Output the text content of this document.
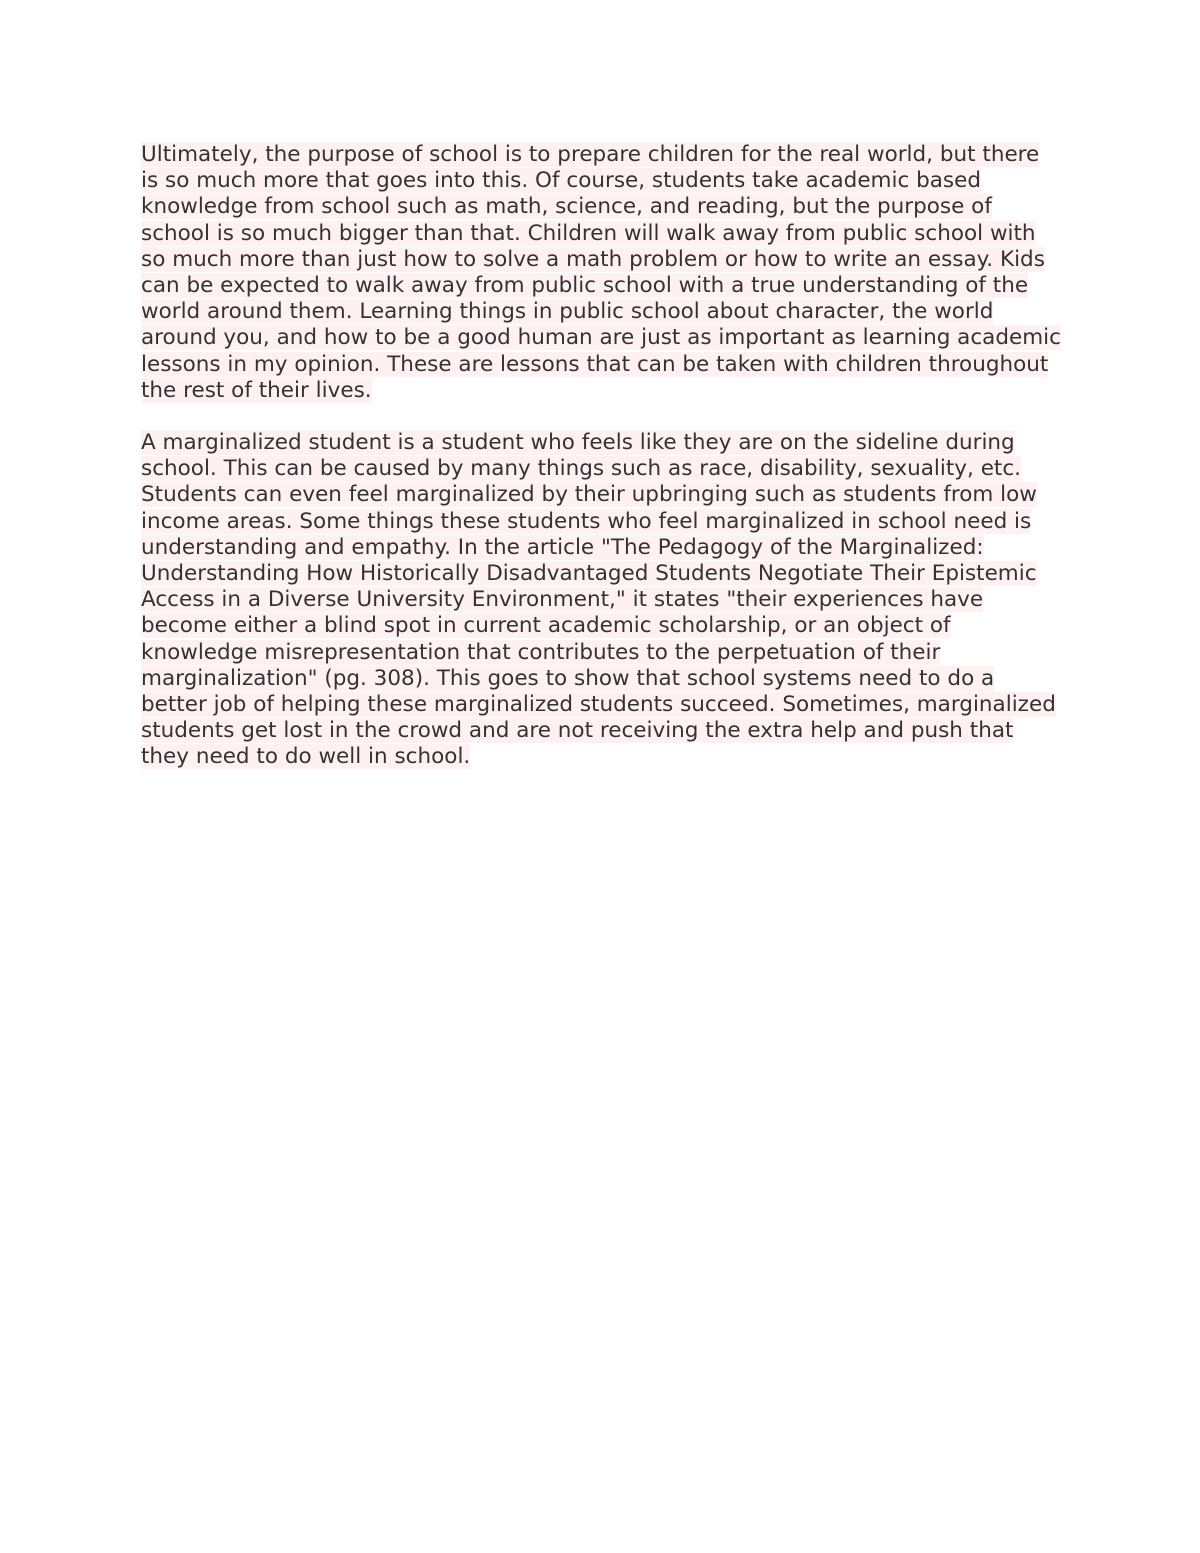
Ultimately, the purpose of school is to prepare children for the real world, but there is so much more that goes into this. Of course, students take academic based knowledge from school such as math, science, and reading, but the purpose of school is so much bigger than that. Children will walk away from public school with so much more than just how to solve a math problem or how to write an essay. Kids can be expected to walk away from public school with a true understanding of the world around them. Learning things in public school about character, the world around you, and how to be a good human are just as important as learning academic lessons in my opinion. These are lessons that can be taken with children throughout the rest of their lives.

A marginalized student is a student who feels like they are on the sideline during school. This can be caused by many things such as race, disability, sexuality, etc. Students can even feel marginalized by their upbringing such as students from low income areas. Some things these students who feel marginalized in school need is understanding and empathy. In the article "The Pedagogy of the Marginalized: Understanding How Historically Disadvantaged Students Negotiate Their Epistemic Access in a Diverse University Environment," it states "their experiences have become either a blind spot in current academic scholarship, or an object of knowledge misrepresentation that contributes to the perpetuation of their marginalization" (pg. 308). This goes to show that school systems need to do a better job of helping these marginalized students succeed. Sometimes, marginalized students get lost in the crowd and are not receiving the extra help and push that they need to do well in school.
